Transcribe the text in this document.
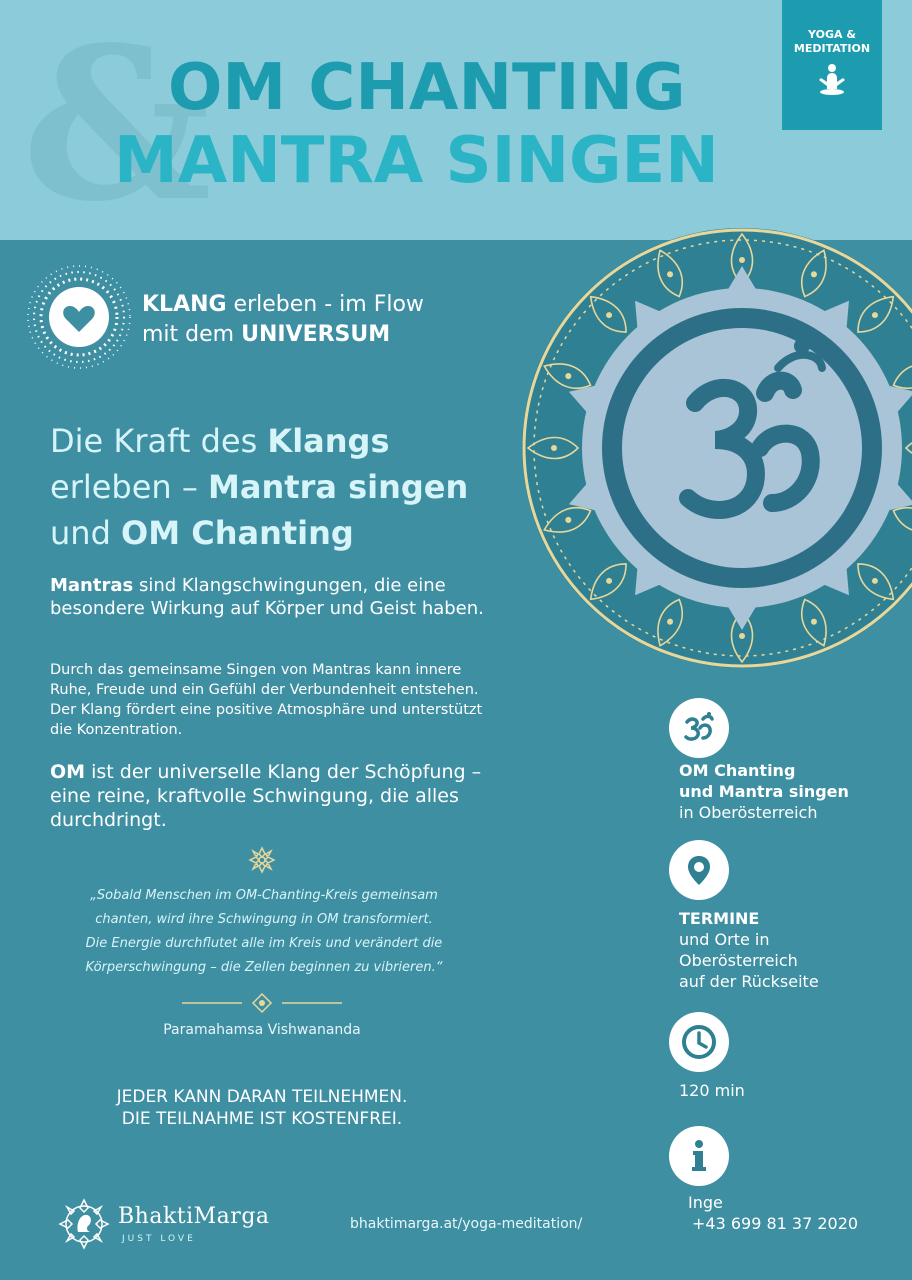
&
OM CHANTING
MANTRA SINGEN
YOGA &
MEDITATION
KLANG erleben - im Flow
mit dem UNIVERSUM
Die Kraft des Klangs
erleben – Mantra singen
und OM Chanting
Mantras sind Klangschwingungen, die eine besondere Wirkung auf Körper und Geist haben.
Durch das gemeinsame Singen von Mantras kann innere Ruhe, Freude und ein Gefühl der Verbundenheit entstehen. Der Klang fördert eine positive Atmosphäre und unterstützt die Konzentration.
OM ist der universelle Klang der Schöpfung – eine reine, kraftvolle Schwingung, die alles durchdringt.
„Sobald Menschen im OM-Chanting-Kreis gemeinsam
chanten, wird ihre Schwingung in OM transformiert.
Die Energie durchflutet alle im Kreis und verändert die
Körperschwingung – die Zellen beginnen zu vibrieren.“
Paramahamsa Vishwananda
JEDER KANN DARAN TEILNEHMEN.
DIE TEILNAHME IST KOSTENFREI.
BhaktiMarga
JUST LOVE
bhaktimarga.at/yoga-meditation/
OM Chanting
und Mantra singen
in Oberösterreich
TERMINE
und Orte in
Oberösterreich
auf der Rückseite
120 min
Inge
+43 699 81 37 2020
